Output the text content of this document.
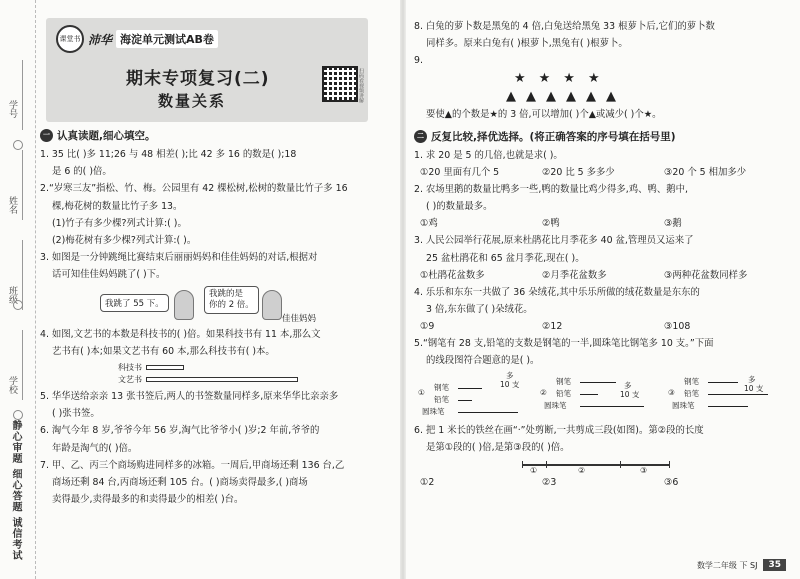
学号
姓名
班级
学校
静心审题 细心答题 诚信考试
课堂书 沛华 海淀单元测试AB卷
期末专项复习(二)
数量关系	扫码看视频讲解
一 认真读题,细心填空。
1. 35 比( )多 11;26 与 48 相差( );比 42 多 16 的数是( );18
是 6 的( )倍。
2.“岁寒三友”指松、竹、梅。公园里有 42 棵松树,松树的数量比竹子多 16
棵,梅花树的数量比竹子多 13。
(1)竹子有多少棵?列式计算:( )。
(2)梅花树有多少棵?列式计算:( )。
3. 如图是一分钟跳绳比赛结束后丽丽妈妈和佳佳妈妈的对话,根据对
话可知佳佳妈妈跳了( )下。
我跳了 55 下。
我跳的是
你的 2 倍。
佳佳妈妈
4. 如图,文艺书的本数是科技书的( )倍。如果科技书有 11 本,那么文
艺书有( )本;如果文艺书有 60 本,那么科技书有( )本。
科技书
文艺书
5. 华华送给亲亲 13 张书签后,两人的书签数量同样多,原来华华比亲亲多
( )张书签。
6. 淘气今年 8 岁,爷爷今年 56 岁,淘气比爷爷小( )岁;2 年前,爷爷的
年龄是淘气的( )倍。
7. 甲、乙、丙三个商场购进同样多的冰箱。一周后,甲商场还剩 136 台,乙
商场还剩 84 台,丙商场还剩 105 台。( )商场卖得最多,( )商场
卖得最少,卖得最多的和卖得最少的相差( )台。
8. 白兔的萝卜数是黑兔的 4 倍,白兔送给黑兔 33 根萝卜后,它们的萝卜数
同样多。原来白兔有( )根萝卜,黑兔有( )根萝卜。
9.
★★★★
▲▲▲▲▲▲
要使▲的个数是★的 3 倍,可以增加( )个▲或减少( )个★。
二 反复比较,择优选择。(将正确答案的序号填在括号里)
1. 求 20 是 5 的几倍,也就是求( )。
①20 里面有几个 5	②20 比 5 多多少	③20 个 5 相加多少
2. 农场里鹅的数量比鸭多一些,鸭的数量比鸡少得多,鸡、鸭、鹅中,
( )的数量最多。
①鸡	②鸭	③鹅
3. 人民公园举行花展,原来杜鹃花比月季花多 40 盆,管理员又运来了
25 盆杜鹃花和 65 盆月季花,现在( )。
①杜鹃花盆数多	②月季花盆数多	③两种花盆数同样多
4. 乐乐和东东一共做了 36 朵绒花,其中乐乐所做的绒花数量是东东的
3 倍,东东做了( )朵绒花。
①9	②12	③108
5.“钢笔有 28 支,铅笔的支数是钢笔的一半,圆珠笔比钢笔多 10 支。”下面
的线段图符合题意的是( )。
①
钢笔
多
10 支
铅笔
圆珠笔
②
钢笔	多
10 支
铅笔
圆珠笔
③
钢笔	多
10 支
铅笔
圆珠笔
6. 把 1 米长的铁丝在画“·”处剪断,一共剪成三段(如图)。第②段的长度
是第①段的( )倍,是第③段的( )倍。
①	②	③
①2	②3	③6
数学二年级 下 SJ	35
